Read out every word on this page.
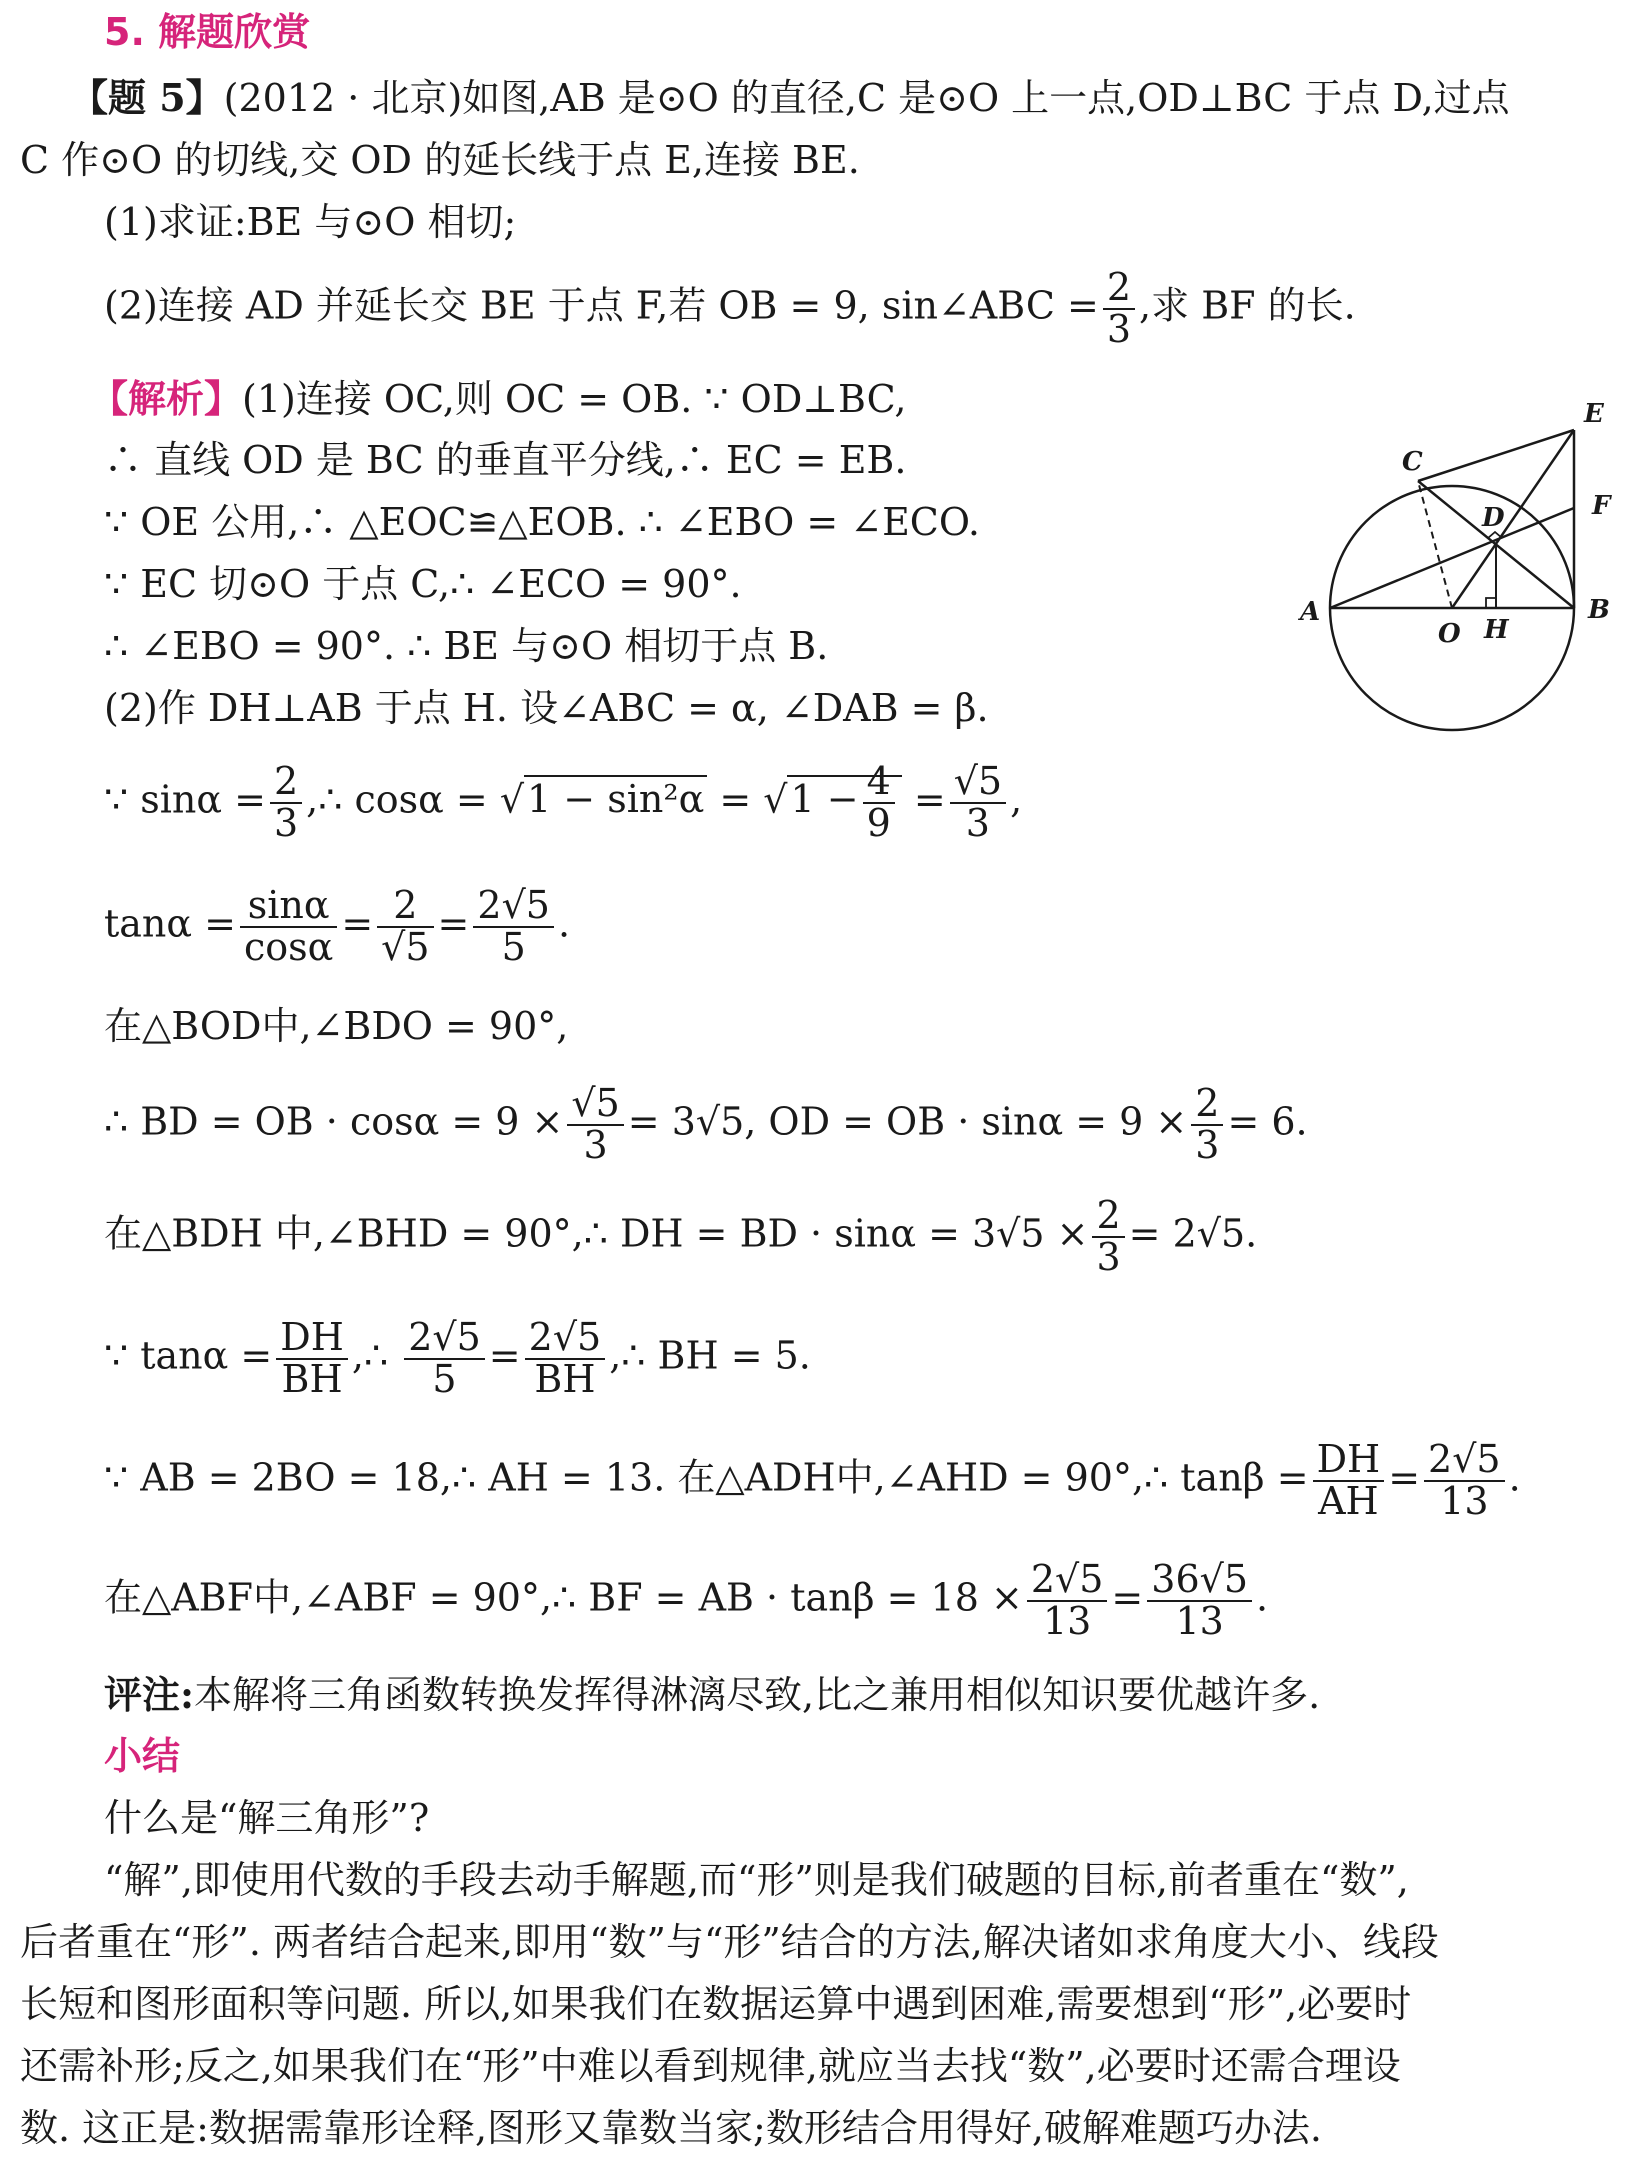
5. 解题欣赏
【题 5】(2012 · 北京)如图,AB 是⊙O 的直径,C 是⊙O 上一点,OD⊥BC 于点 D,过点
C 作⊙O 的切线,交 OD 的延长线于点 E,连接 BE.
(1)求证:BE 与⊙O 相切;
(2)连接 AD 并延长交 BE 于点 F,若 OB = 9, sin∠ABC = $\frac{2}{3}$ ,求 BF 的长.
【解析】(1)连接 OC,则 OC = OB. ∵ OD⊥BC,
∴ 直线 OD 是 BC 的垂直平分线,∴ EC = EB.
∵ OE 公用,∴ △EOC≌△EOB. ∴ ∠EBO = ∠ECO.
∵ EC 切⊙O 于点 C,∴ ∠ECO = 90°.
∴ ∠EBO = 90°. ∴ BE 与⊙O 相切于点 B.
(2)作 DH⊥AB 于点 H. 设∠ABC = α, ∠DAB = β.
∵ $\sin\alpha = \frac{2}{3}$ ,∴ $\cos\alpha = √1 - \sin^2\alpha = √1 - \frac{4}{9} = \frac{√5}{3}$ ,
$\tan\alpha = \frac{\sin\alpha}{\cos\alpha} = \frac{2}{√5} = \frac{2√5}{5}$ .
在△BOD中,∠BDO = 90°,
∴ BD = OB · $\cos\alpha = 9 \times \frac{√5}{3} = 3√5$, OD = OB · $\sin\alpha = 9 \times \frac{2}{3} = 6$.
在△BDH 中,∠BHD = 90°,∴ DH = BD · $\sin\alpha = 3√5 \times \frac{2}{3} = 2√5$.
∵ $\tan\alpha = \frac{DH}{BH}$ ,∴ $\frac{2√5}{5} = \frac{2√5}{BH}$ ,∴ BH = 5.
∵ AB = 2BO = 18,∴ AH = 13. 在△ADH中,∠AHD = 90°,∴ $\tan\beta = \frac{DH}{AH} = \frac{2√5}{13}$ .
在△ABF中,∠ABF = 90°,∴ BF = AB · $\tan\beta = 18 \times \frac{2√5}{13} = \frac{36√5}{13}$ .
评注:本解将三角函数转换发挥得淋漓尽致,比之兼用相似知识要优越许多.
小结
什么是“解三角形”?
“解”,即使用代数的手段去动手解题,而“形”则是我们破题的目标,前者重在“数”,
后者重在“形”. 两者结合起来,即用“数”与“形”结合的方法,解决诸如求角度大小、线段
长短和图形面积等问题. 所以,如果我们在数据运算中遇到困难,需要想到“形”,必要时
还需补形;反之,如果我们在“形”中难以看到规律,就应当去找“数”,必要时还需合理设
数. 这正是:数据需靠形诠释,图形又靠数当家;数形结合用得好,破解难题巧办法.
E
C
D	F
A
O H
B
